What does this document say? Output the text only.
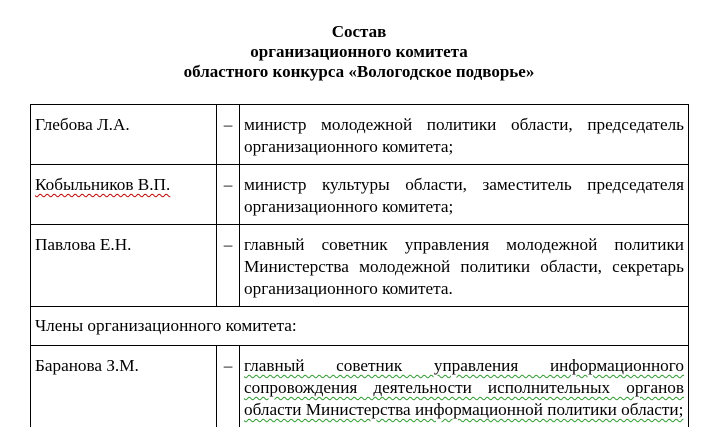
Состав
организационного комитета
областного конкурса «Вологодское подворье»
Глебова Л.А.	–	министр молодежной политики области, председатель организационного комитета;
Кобыльников В.П.	–	министр культуры области, заместитель председателя организационного комитета;
Павлова Е.Н.	–	главный советник управления молодежной политики Министерства молодежной политики области, секретарь организационного комитета.
Члены организационного комитета:		
Баранова З.М.	–	главный советник управления информационного сопровождения деятельности исполнительных органов области Министерства информационной политики области;
